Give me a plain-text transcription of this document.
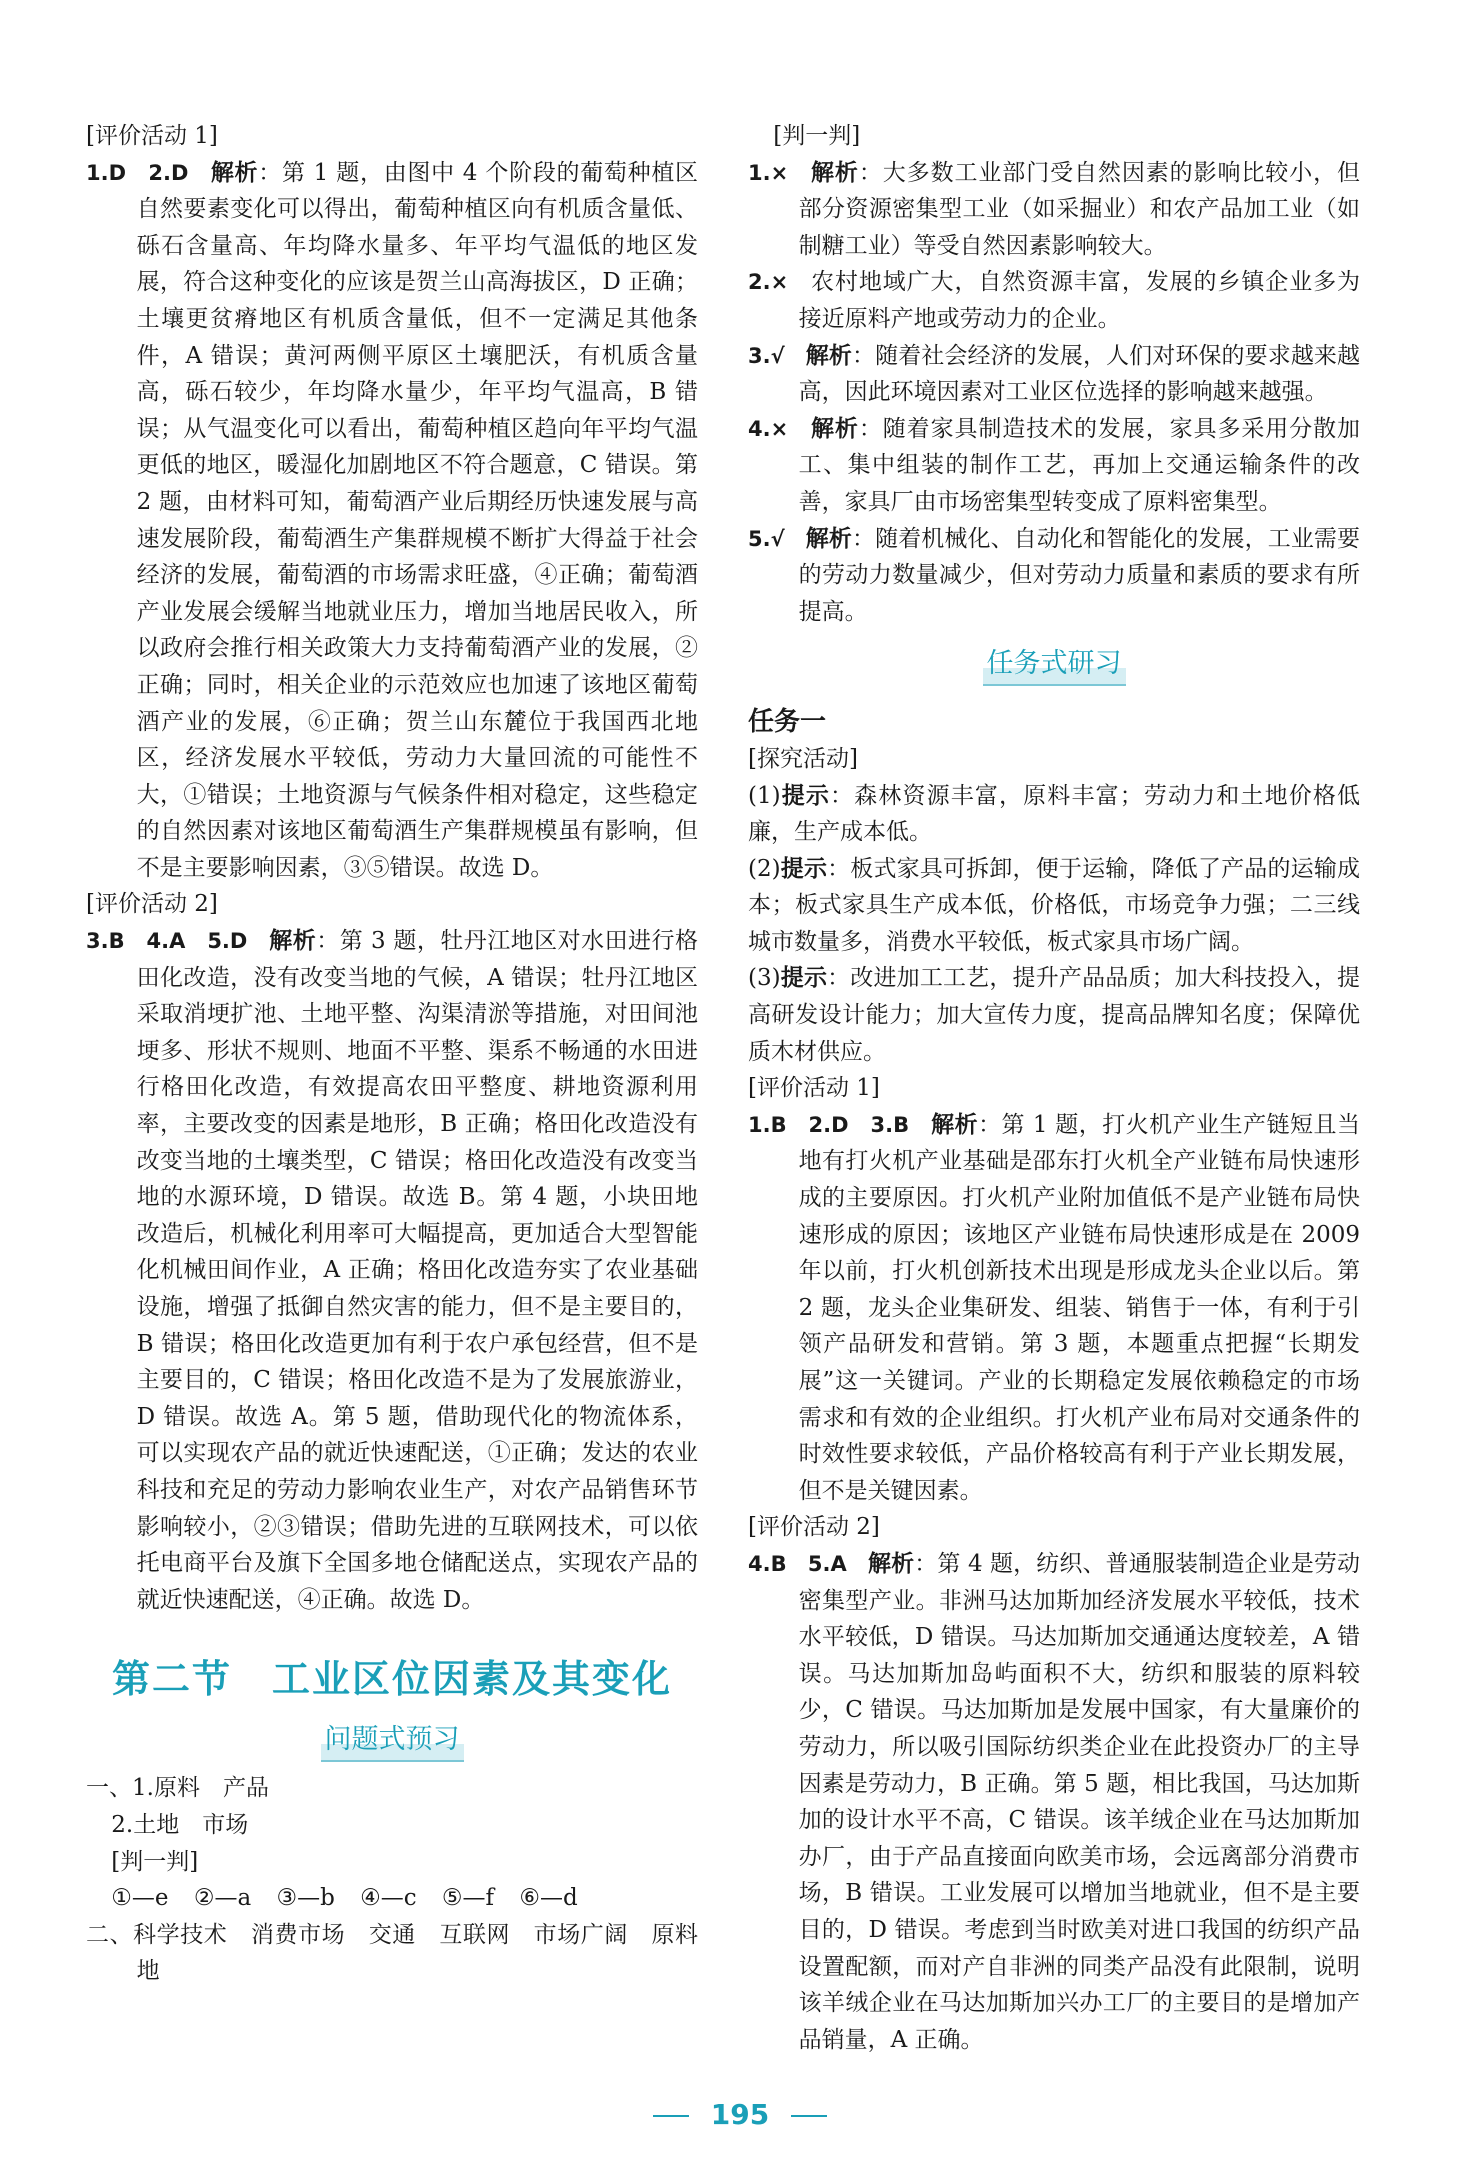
[评价活动 1]

1.D　2.D　解析：第 1 题，由图中 4 个阶段的葡萄种植区自然要素变化可以得出，葡萄种植区向有机质含量低、砾石含量高、年均降水量多、年平均气温低的地区发展，符合这种变化的应该是贺兰山高海拔区，D 正确；土壤更贫瘠地区有机质含量低，但不一定满足其他条件，A 错误；黄河两侧平原区土壤肥沃，有机质含量高，砾石较少，年均降水量少，年平均气温高，B 错误；从气温变化可以看出，葡萄种植区趋向年平均气温更低的地区，暖湿化加剧地区不符合题意，C 错误。第 2 题，由材料可知，葡萄酒产业后期经历快速发展与高速发展阶段，葡萄酒生产集群规模不断扩大得益于社会经济的发展，葡萄酒的市场需求旺盛，④正确；葡萄酒产业发展会缓解当地就业压力，增加当地居民收入，所以政府会推行相关政策大力支持葡萄酒产业的发展，②正确；同时，相关企业的示范效应也加速了该地区葡萄酒产业的发展，⑥正确；贺兰山东麓位于我国西北地区，经济发展水平较低，劳动力大量回流的可能性不大，①错误；土地资源与气候条件相对稳定，这些稳定的自然因素对该地区葡萄酒生产集群规模虽有影响，但不是主要影响因素，③⑤错误。故选 D。

[评价活动 2]

3.B　4.A　5.D　解析：第 3 题，牡丹江地区对水田进行格田化改造，没有改变当地的气候，A 错误；牡丹江地区采取消埂扩池、土地平整、沟渠清淤等措施，对田间池埂多、形状不规则、地面不平整、渠系不畅通的水田进行格田化改造，有效提高农田平整度、耕地资源利用率，主要改变的因素是地形，B 正确；格田化改造没有改变当地的土壤类型，C 错误；格田化改造没有改变当地的水源环境，D 错误。故选 B。第 4 题，小块田地改造后，机械化利用率可大幅提高，更加适合大型智能化机械田间作业，A 正确；格田化改造夯实了农业基础设施，增强了抵御自然灾害的能力，但不是主要目的，B 错误；格田化改造更加有利于农户承包经营，但不是主要目的，C 错误；格田化改造不是为了发展旅游业，D 错误。故选 A。第 5 题，借助现代化的物流体系，可以实现农产品的就近快速配送，①正确；发达的农业科技和充足的劳动力影响农业生产，对农产品销售环节影响较小，②③错误；借助先进的互联网技术，可以依托电商平台及旗下全国多地仓储配送点，实现农产品的就近快速配送，④正确。故选 D。

第二节　工业区位因素及其变化
问题式预习

一、1.原料　产品

2.土地　市场

[判一判]

①—e ②—a ③—b ④—c ⑤—f ⑥—d

二、科学技术　消费市场　交通　互联网　市场广阔　原料地

[判一判]

1.×　解析：大多数工业部门受自然因素的影响比较小，但部分资源密集型工业（如采掘业）和农产品加工业（如制糖工业）等受自然因素影响较大。

2.×　农村地域广大，自然资源丰富，发展的乡镇企业多为接近原料产地或劳动力的企业。

3.√　解析：随着社会经济的发展，人们对环保的要求越来越高，因此环境因素对工业区位选择的影响越来越强。

4.×　解析：随着家具制造技术的发展，家具多采用分散加工、集中组装的制作工艺，再加上交通运输条件的改善，家具厂由市场密集型转变成了原料密集型。

5.√　解析：随着机械化、自动化和智能化的发展，工业需要的劳动力数量减少，但对劳动力质量和素质的要求有所提高。

任务式研习

任务一

[探究活动]

(1)提示：森林资源丰富，原料丰富；劳动力和土地价格低廉，生产成本低。

(2)提示：板式家具可拆卸，便于运输，降低了产品的运输成本；板式家具生产成本低，价格低，市场竞争力强；二三线城市数量多，消费水平较低，板式家具市场广阔。

(3)提示：改进加工工艺，提升产品品质；加大科技投入，提高研发设计能力；加大宣传力度，提高品牌知名度；保障优质木材供应。

[评价活动 1]

1.B　2.D　3.B　解析：第 1 题，打火机产业生产链短且当地有打火机产业基础是邵东打火机全产业链布局快速形成的主要原因。打火机产业附加值低不是产业链布局快速形成的原因；该地区产业链布局快速形成是在 2009 年以前，打火机创新技术出现是形成龙头企业以后。第 2 题，龙头企业集研发、组装、销售于一体，有利于引领产品研发和营销。第 3 题，本题重点把握“长期发展”这一关键词。产业的长期稳定发展依赖稳定的市场需求和有效的企业组织。打火机产业布局对交通条件的时效性要求较低，产品价格较高有利于产业长期发展，但不是关键因素。

[评价活动 2]

4.B　5.A　解析：第 4 题，纺织、普通服装制造企业是劳动密集型产业。非洲马达加斯加经济发展水平较低，技术水平较低，D 错误。马达加斯加交通通达度较差，A 错误。马达加斯加岛屿面积不大，纺织和服装的原料较少，C 错误。马达加斯加是发展中国家，有大量廉价的劳动力，所以吸引国际纺织类企业在此投资办厂的主导因素是劳动力，B 正确。第 5 题，相比我国，马达加斯加的设计水平不高，C 错误。该羊绒企业在马达加斯加办厂，由于产品直接面向欧美市场，会远离部分消费市场，B 错误。工业发展可以增加当地就业，但不是主要目的，D 错误。考虑到当时欧美对进口我国的纺织产品设置配额，而对产自非洲的同类产品没有此限制，说明该羊绒企业在马达加斯加兴办工厂的主要目的是增加产品销量，A 正确。

195
